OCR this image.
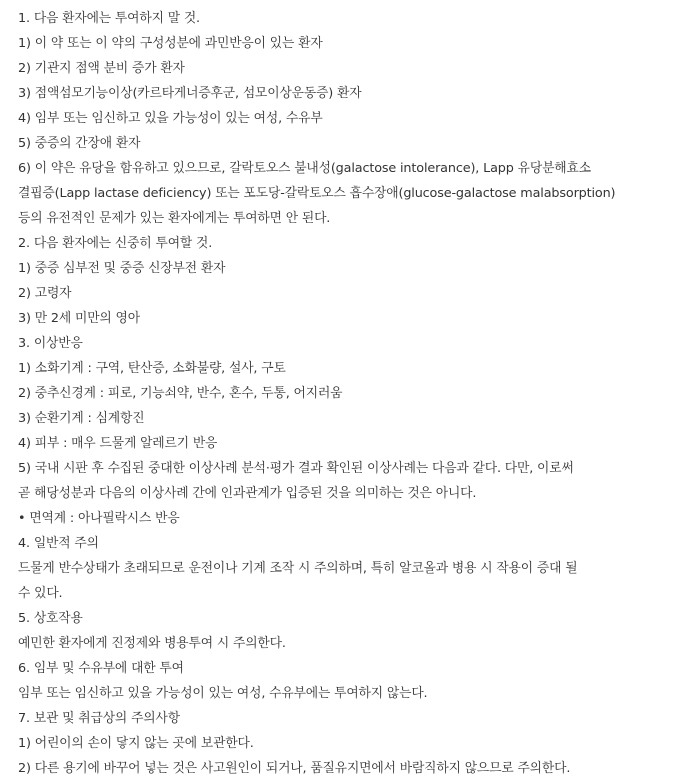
1. 다음 환자에는 투여하지 말 것.
1) 이 약 또는 이 약의 구성성분에 과민반응이 있는 환자
2) 기관지 점액 분비 증가 환자
3) 점액섬모기능이상(카르타게너증후군, 섬모이상운동증) 환자
4) 임부 또는 임신하고 있을 가능성이 있는 여성, 수유부
5) 중증의 간장애 환자
6) 이 약은 유당을 함유하고 있으므로, 갈락토오스 불내성(galactose intolerance), Lapp 유당분해효소
결핍증(Lapp lactase deficiency) 또는 포도당-갈락토오스 흡수장애(glucose-galactose malabsorption)
등의 유전적인 문제가 있는 환자에게는 투여하면 안 된다.
2. 다음 환자에는 신중히 투여할 것.
1) 중증 심부전 및 중증 신장부전 환자
2) 고령자
3) 만 2세 미만의 영아
3. 이상반응
1) 소화기계 : 구역, 탄산증, 소화불량, 설사, 구토
2) 중추신경계 : 피로, 기능쇠약, 반수, 혼수, 두통, 어지러움
3) 순환기계 : 심계항진
4) 피부 : 매우 드물게 알레르기 반응
5) 국내 시판 후 수집된 중대한 이상사례 분석·평가 결과 확인된 이상사례는 다음과 같다. 다만, 이로써
곧 해당성분과 다음의 이상사례 간에 인과관계가 입증된 것을 의미하는 것은 아니다.
• 면역계 : 아나필락시스 반응
4. 일반적 주의
드물게 반수상태가 초래되므로 운전이나 기계 조작 시 주의하며, 특히 알코올과 병용 시 작용이 증대 될
수 있다.
5. 상호작용
예민한 환자에게 진정제와 병용투여 시 주의한다.
6. 임부 및 수유부에 대한 투여
임부 또는 임신하고 있을 가능성이 있는 여성, 수유부에는 투여하지 않는다.
7. 보관 및 취급상의 주의사항
1) 어린이의 손이 닿지 않는 곳에 보관한다.
2) 다른 용기에 바꾸어 넣는 것은 사고원인이 되거나, 품질유지면에서 바람직하지 않으므로 주의한다.
